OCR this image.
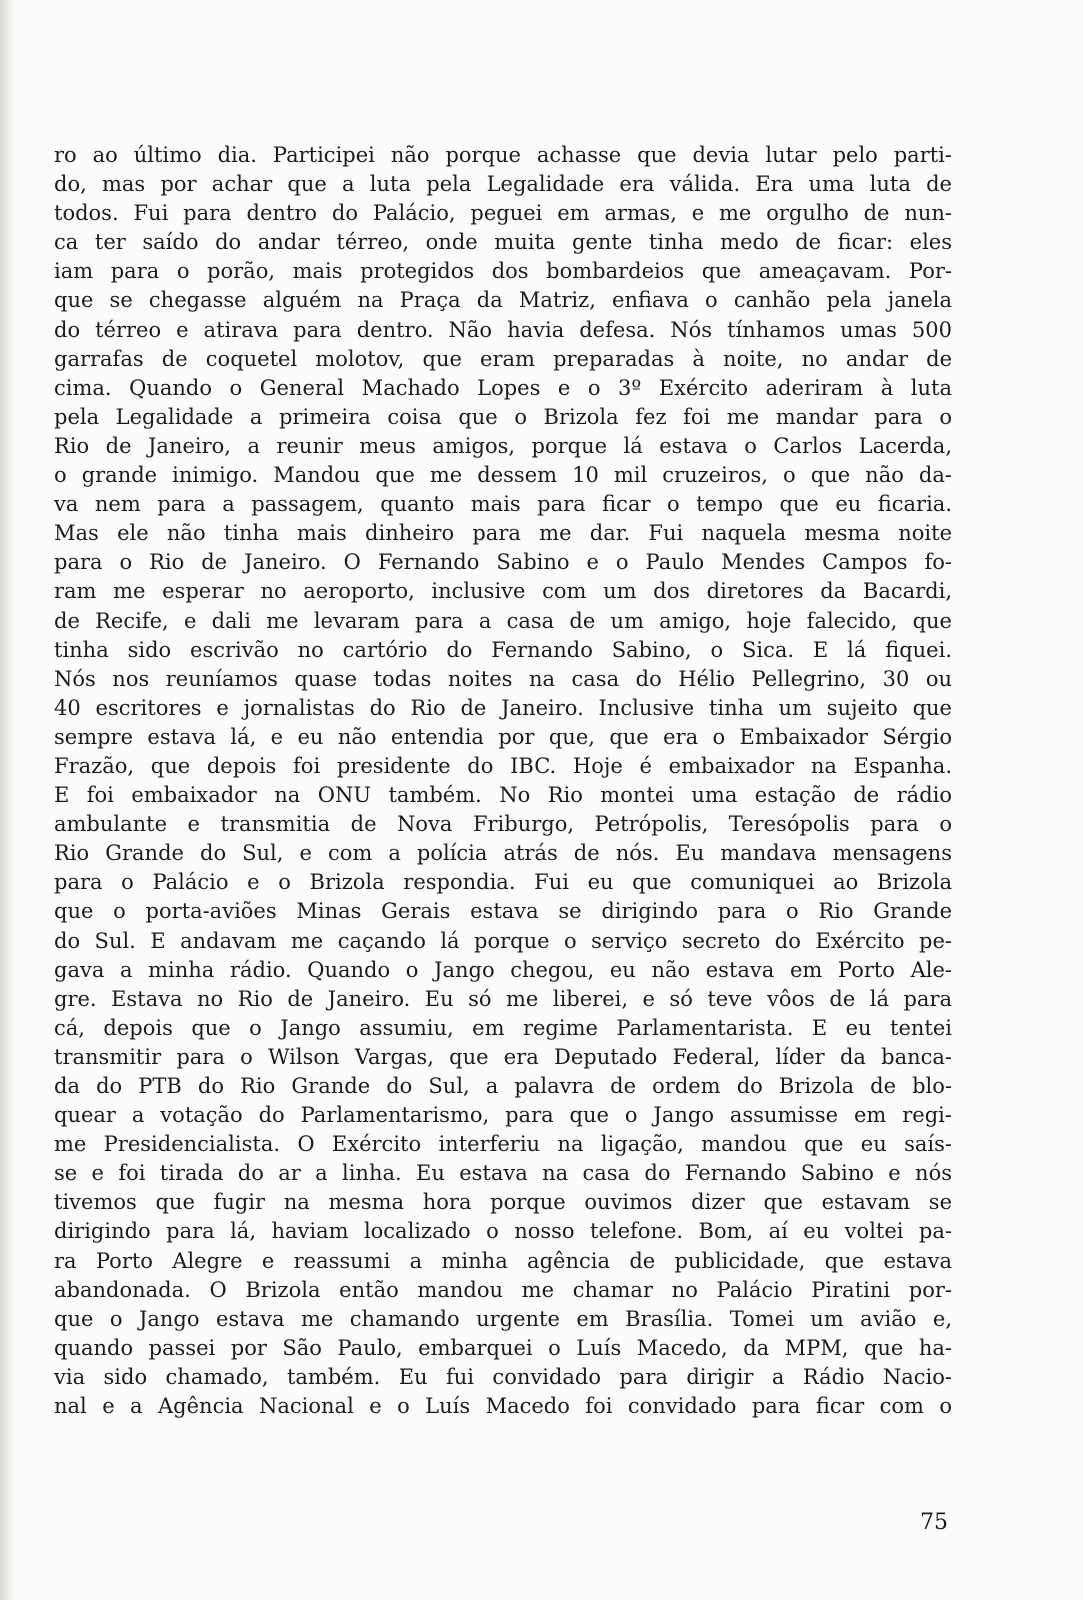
ro ao último dia. Participei não porque achasse que devia lutar pelo parti-
do, mas por achar que a luta pela Legalidade era válida. Era uma luta de
todos. Fui para dentro do Palácio, peguei em armas, e me orgulho de nun-
ca ter saído do andar térreo, onde muita gente tinha medo de ficar: eles
iam para o porão, mais protegidos dos bombardeios que ameaçavam. Por-
que se chegasse alguém na Praça da Matriz, enfiava o canhão pela janela
do térreo e atirava para dentro. Não havia defesa. Nós tínhamos umas 500
garrafas de coquetel molotov, que eram preparadas à noite, no andar de
cima. Quando o General Machado Lopes e o 3º Exército aderiram à luta
pela Legalidade a primeira coisa que o Brizola fez foi me mandar para o
Rio de Janeiro, a reunir meus amigos, porque lá estava o Carlos Lacerda,
o grande inimigo. Mandou que me dessem 10 mil cruzeiros, o que não da-
va nem para a passagem, quanto mais para ficar o tempo que eu ficaria.
Mas ele não tinha mais dinheiro para me dar. Fui naquela mesma noite
para o Rio de Janeiro. O Fernando Sabino e o Paulo Mendes Campos fo-
ram me esperar no aeroporto, inclusive com um dos diretores da Bacardi,
de Recife, e dali me levaram para a casa de um amigo, hoje falecido, que
tinha sido escrivão no cartório do Fernando Sabino, o Sica. E lá fiquei.
Nós nos reuníamos quase todas noites na casa do Hélio Pellegrino, 30 ou
40 escritores e jornalistas do Rio de Janeiro. Inclusive tinha um sujeito que
sempre estava lá, e eu não entendia por que, que era o Embaixador Sérgio
Frazão, que depois foi presidente do IBC. Hoje é embaixador na Espanha.
E foi embaixador na ONU também. No Rio montei uma estação de rádio
ambulante e transmitia de Nova Friburgo, Petrópolis, Teresópolis para o
Rio Grande do Sul, e com a polícia atrás de nós. Eu mandava mensagens
para o Palácio e o Brizola respondia. Fui eu que comuniquei ao Brizola
que o porta-aviões Minas Gerais estava se dirigindo para o Rio Grande
do Sul. E andavam me caçando lá porque o serviço secreto do Exército pe-
gava a minha rádio. Quando o Jango chegou, eu não estava em Porto Ale-
gre. Estava no Rio de Janeiro. Eu só me liberei, e só teve vôos de lá para
cá, depois que o Jango assumiu, em regime Parlamentarista. E eu tentei
transmitir para o Wilson Vargas, que era Deputado Federal, líder da banca-
da do PTB do Rio Grande do Sul, a palavra de ordem do Brizola de blo-
quear a votação do Parlamentarismo, para que o Jango assumisse em regi-
me Presidencialista. O Exército interferiu na ligação, mandou que eu saís-
se e foi tirada do ar a linha. Eu estava na casa do Fernando Sabino e nós
tivemos que fugir na mesma hora porque ouvimos dizer que estavam se
dirigindo para lá, haviam localizado o nosso telefone. Bom, aí eu voltei pa-
ra Porto Alegre e reassumi a minha agência de publicidade, que estava
abandonada. O Brizola então mandou me chamar no Palácio Piratini por-
que o Jango estava me chamando urgente em Brasília. Tomei um avião e,
quando passei por São Paulo, embarquei o Luís Macedo, da MPM, que ha-
via sido chamado, também. Eu fui convidado para dirigir a Rádio Nacio-
nal e a Agência Nacional e o Luís Macedo foi convidado para ficar com o
75
